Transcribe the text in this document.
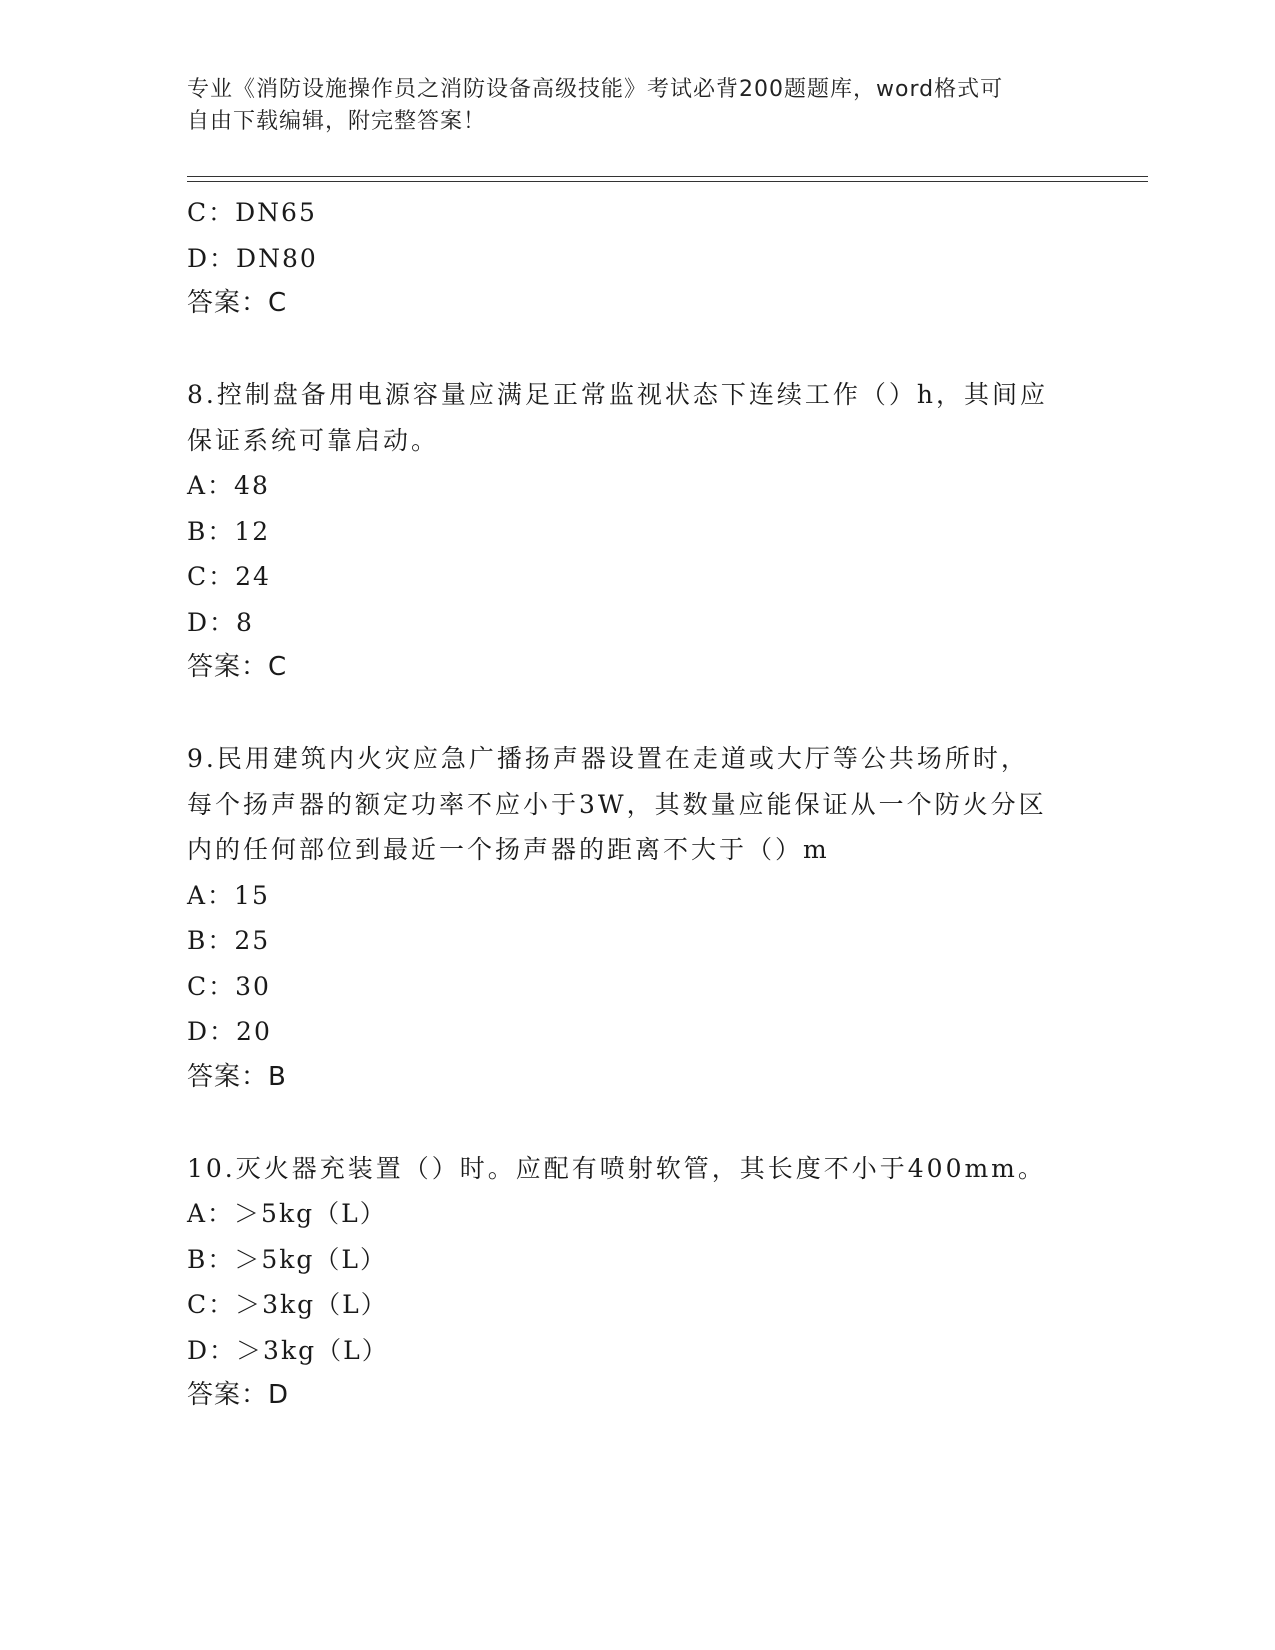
专业《消防设施操作员之消防设备高级技能》考试必背200题题库，word格式可
自由下载编辑，附完整答案！

C：DN65

D：DN80

答案：C

8.控制盘备用电源容量应满足正常监视状态下连续工作（）h，其间应

保证系统可靠启动。

A：48

B：12

C：24

D：8

答案：C

9.民用建筑内火灾应急广播扬声器设置在走道或大厅等公共场所时，

每个扬声器的额定功率不应小于3W，其数量应能保证从一个防火分区

内的任何部位到最近一个扬声器的距离不大于（）m

A：15

B：25

C：30

D：20

答案：B

10.灭火器充装置（）时。应配有喷射软管，其长度不小于400mm。

A：＞5kg（L）

B：＞5kg（L）

C：＞3kg（L）

D：＞3kg（L）

答案：D
